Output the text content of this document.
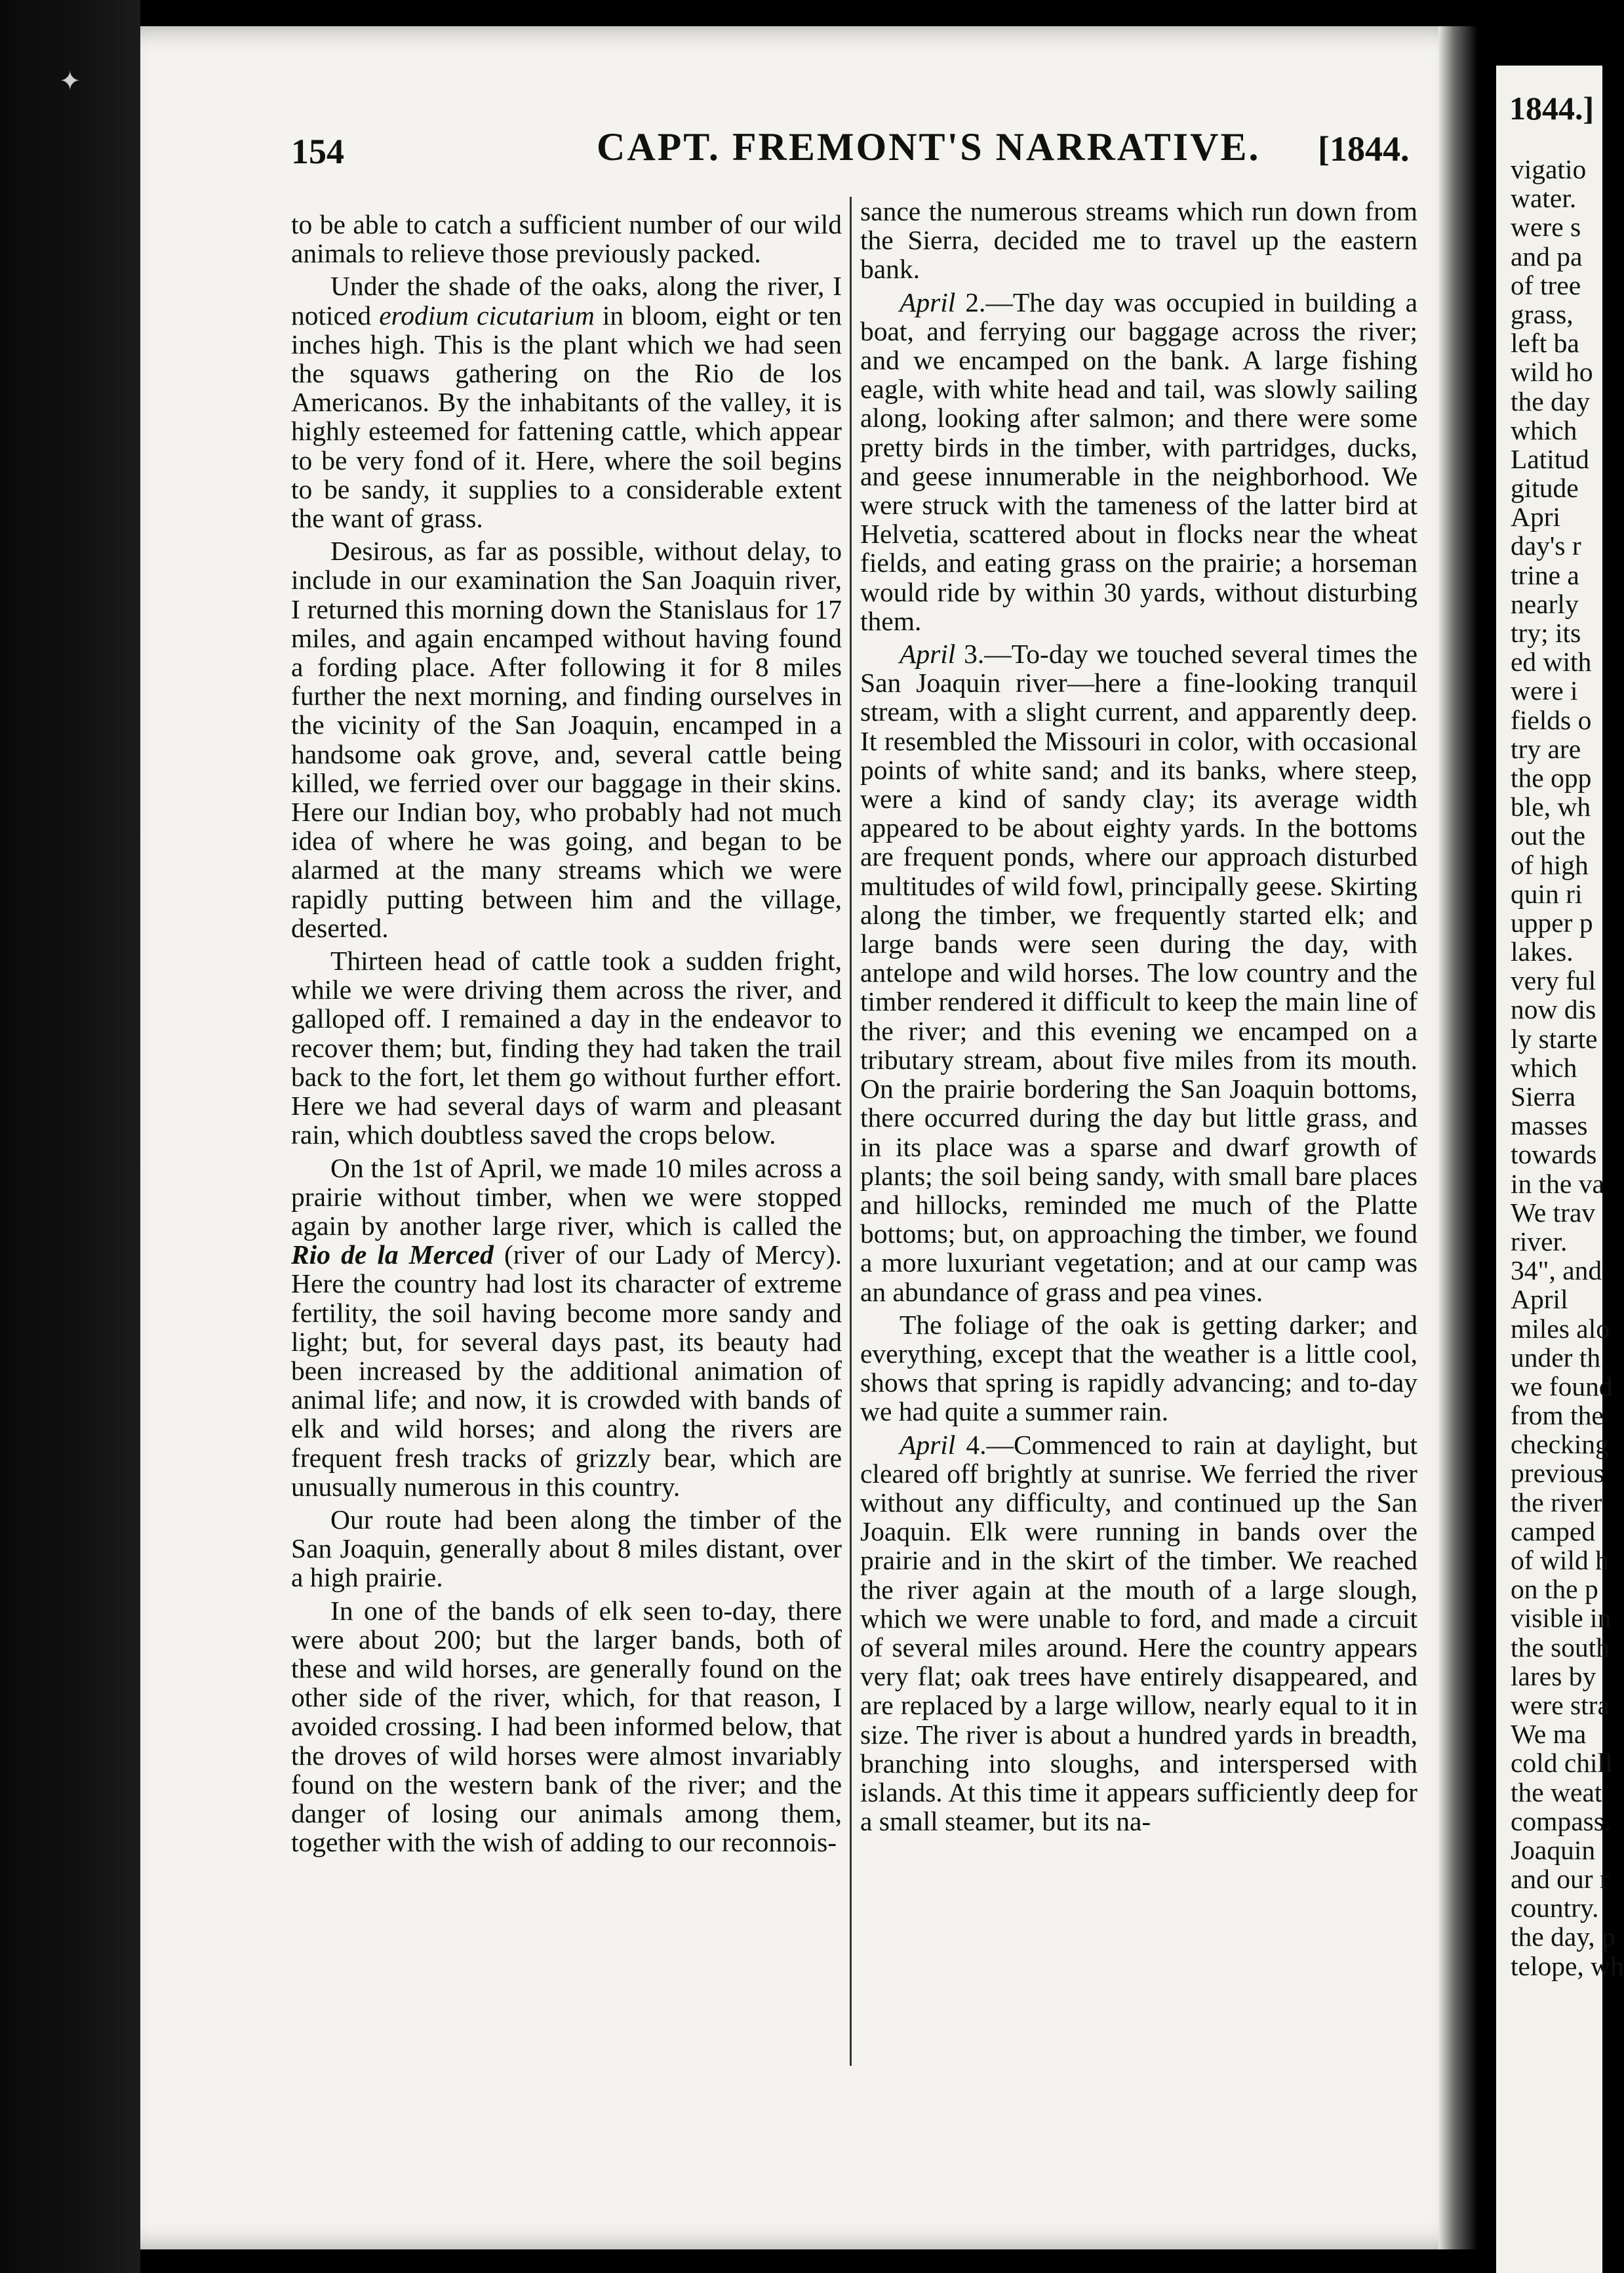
✦
154	CAPT. FREMONT'S NARRATIVE. [1844.

to be able to catch a sufficient number of our wild animals to relieve those previously packed.

Under the shade of the oaks, along the river, I noticed erodium cicutarium in bloom, eight or ten inches high. This is the plant which we had seen the squaws gathering on the Rio de los Americanos. By the inhabitants of the valley, it is highly esteemed for fattening cattle, which appear to be very fond of it. Here, where the soil begins to be sandy, it supplies to a considerable extent the want of grass.

Desirous, as far as possible, without delay, to include in our examination the San Joaquin river, I returned this morning down the Stanislaus for 17 miles, and again encamped without having found a fording place. After following it for 8 miles further the next morning, and finding ourselves in the vicinity of the San Joaquin, encamped in a handsome oak grove, and, several cattle being killed, we ferried over our baggage in their skins. Here our Indian boy, who probably had not much idea of where he was going, and began to be alarmed at the many streams which we were rapidly putting between him and the village, deserted.

Thirteen head of cattle took a sudden fright, while we were driving them across the river, and galloped off. I remained a day in the endeavor to recover them; but, finding they had taken the trail back to the fort, let them go without further effort. Here we had several days of warm and pleasant rain, which doubtless saved the crops below.

On the 1st of April, we made 10 miles across a prairie without timber, when we were stopped again by another large river, which is called the Rio de la Merced (river of our Lady of Mercy). Here the country had lost its character of extreme fertility, the soil having become more sandy and light; but, for several days past, its beauty had been increased by the additional animation of animal life; and now, it is crowded with bands of elk and wild horses; and along the rivers are frequent fresh tracks of grizzly bear, which are unusually numerous in this country.

Our route had been along the timber of the San Joaquin, generally about 8 miles distant, over a high prairie.

In one of the bands of elk seen to-day, there were about 200; but the larger bands, both of these and wild horses, are generally found on the other side of the river, which, for that reason, I avoided crossing. I had been informed below, that the droves of wild horses were almost invariably found on the western bank of the river; and the danger of losing our animals among them, together with the wish of adding to our reconnois-

sance the numerous streams which run down from the Sierra, decided me to travel up the eastern bank.

April 2.—The day was occupied in building a boat, and ferrying our baggage across the river; and we encamped on the bank. A large fishing eagle, with white head and tail, was slowly sailing along, looking after salmon; and there were some pretty birds in the timber, with partridges, ducks, and geese innumerable in the neighborhood. We were struck with the tameness of the latter bird at Helvetia, scattered about in flocks near the wheat fields, and eating grass on the prairie; a horseman would ride by within 30 yards, without disturbing them.

April 3.—To-day we touched several times the San Joaquin river—here a fine-looking tranquil stream, with a slight current, and apparently deep. It resembled the Missouri in color, with occasional points of white sand; and its banks, where steep, were a kind of sandy clay; its average width appeared to be about eighty yards. In the bottoms are frequent ponds, where our approach disturbed multitudes of wild fowl, principally geese. Skirting along the timber, we frequently started elk; and large bands were seen during the day, with antelope and wild horses. The low country and the timber rendered it difficult to keep the main line of the river; and this evening we encamped on a tributary stream, about five miles from its mouth. On the prairie bordering the San Joaquin bottoms, there occurred during the day but little grass, and in its place was a sparse and dwarf growth of plants; the soil being sandy, with small bare places and hillocks, reminded me much of the Platte bottoms; but, on approaching the timber, we found a more luxuriant vegetation; and at our camp was an abundance of grass and pea vines.

The foliage of the oak is getting darker; and everything, except that the weather is a little cool, shows that spring is rapidly advancing; and to-day we had quite a summer rain.

April 4.—Commenced to rain at daylight, but cleared off brightly at sunrise. We ferried the river without any difficulty, and continued up the San Joaquin. Elk were running in bands over the prairie and in the skirt of the timber. We reached the river again at the mouth of a large slough, which we were unable to ford, and made a circuit of several miles around. Here the country appears very flat; oak trees have entirely disappeared, and are replaced by a large willow, nearly equal to it in size. The river is about a hundred yards in breadth, branching into sloughs, and interspersed with islands. At this time it appears sufficiently deep for a small steamer, but its na-

1844.]
vigatio
water.
were s
and pa
of tree
grass,
left ba
wild ho
the day
which
Latitud
gitude
Apri
day's r
trine a
nearly
try; its
ed with
were i
fields o
try are
the opp
ble, wh
out the
of high
quin ri
upper p
lakes.
very ful
now dis
ly starte
which
Sierra
masses
towards
in the va
We trav
river.
34", and
April
miles alo
under th
we found
from the
checking
previous
the river
camped
of wild h
on the p
visible in
the south
lares by
were stra
We ma
cold chill
the weat
compass.
Joaquin
and our r
country.
the day, p
telope, wh
